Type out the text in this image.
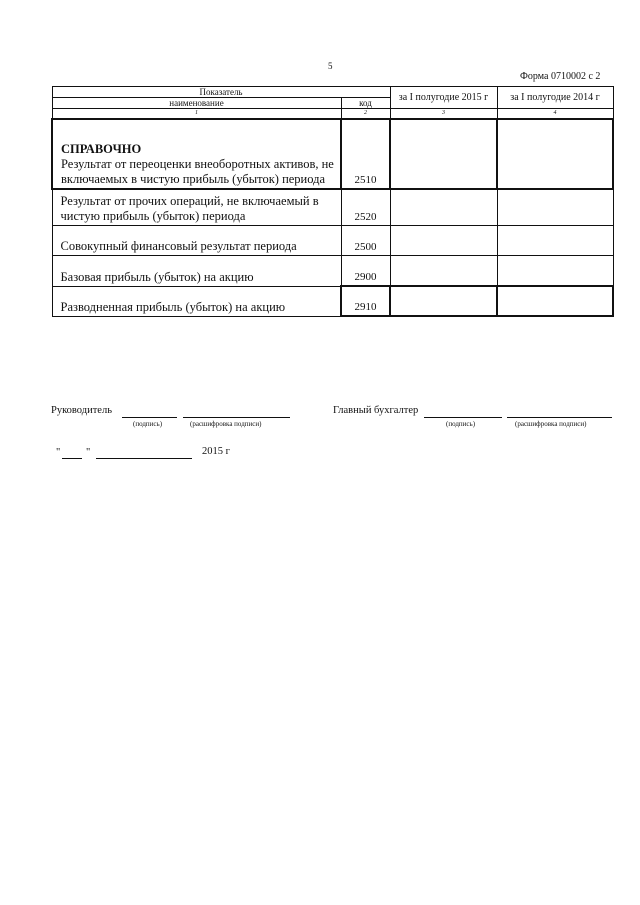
5
Форма 0710002 с 2
Показатель		за I полугодие 2015 г	за I полугодие 2014 г
наименование	код		
1	2	3	4

СПРАВОЧНО
Результат от переоценки внеоборотных активов, не включаемых в чистую прибыль (убыток) периода	2510		
Результат от прочих операций, не включаемый в чистую прибыль (убыток) периода	2520		
Совокупный финансовый результат периода	2500		
Базовая прибыль (убыток) на акцию	2900		
Разводненная прибыль (убыток) на акцию	2910		
Руководитель
(подпись)	(расшифровка подписи)
Главный бухгалтер
(подпись)	(расшифровка подписи)
" "	2015 г
